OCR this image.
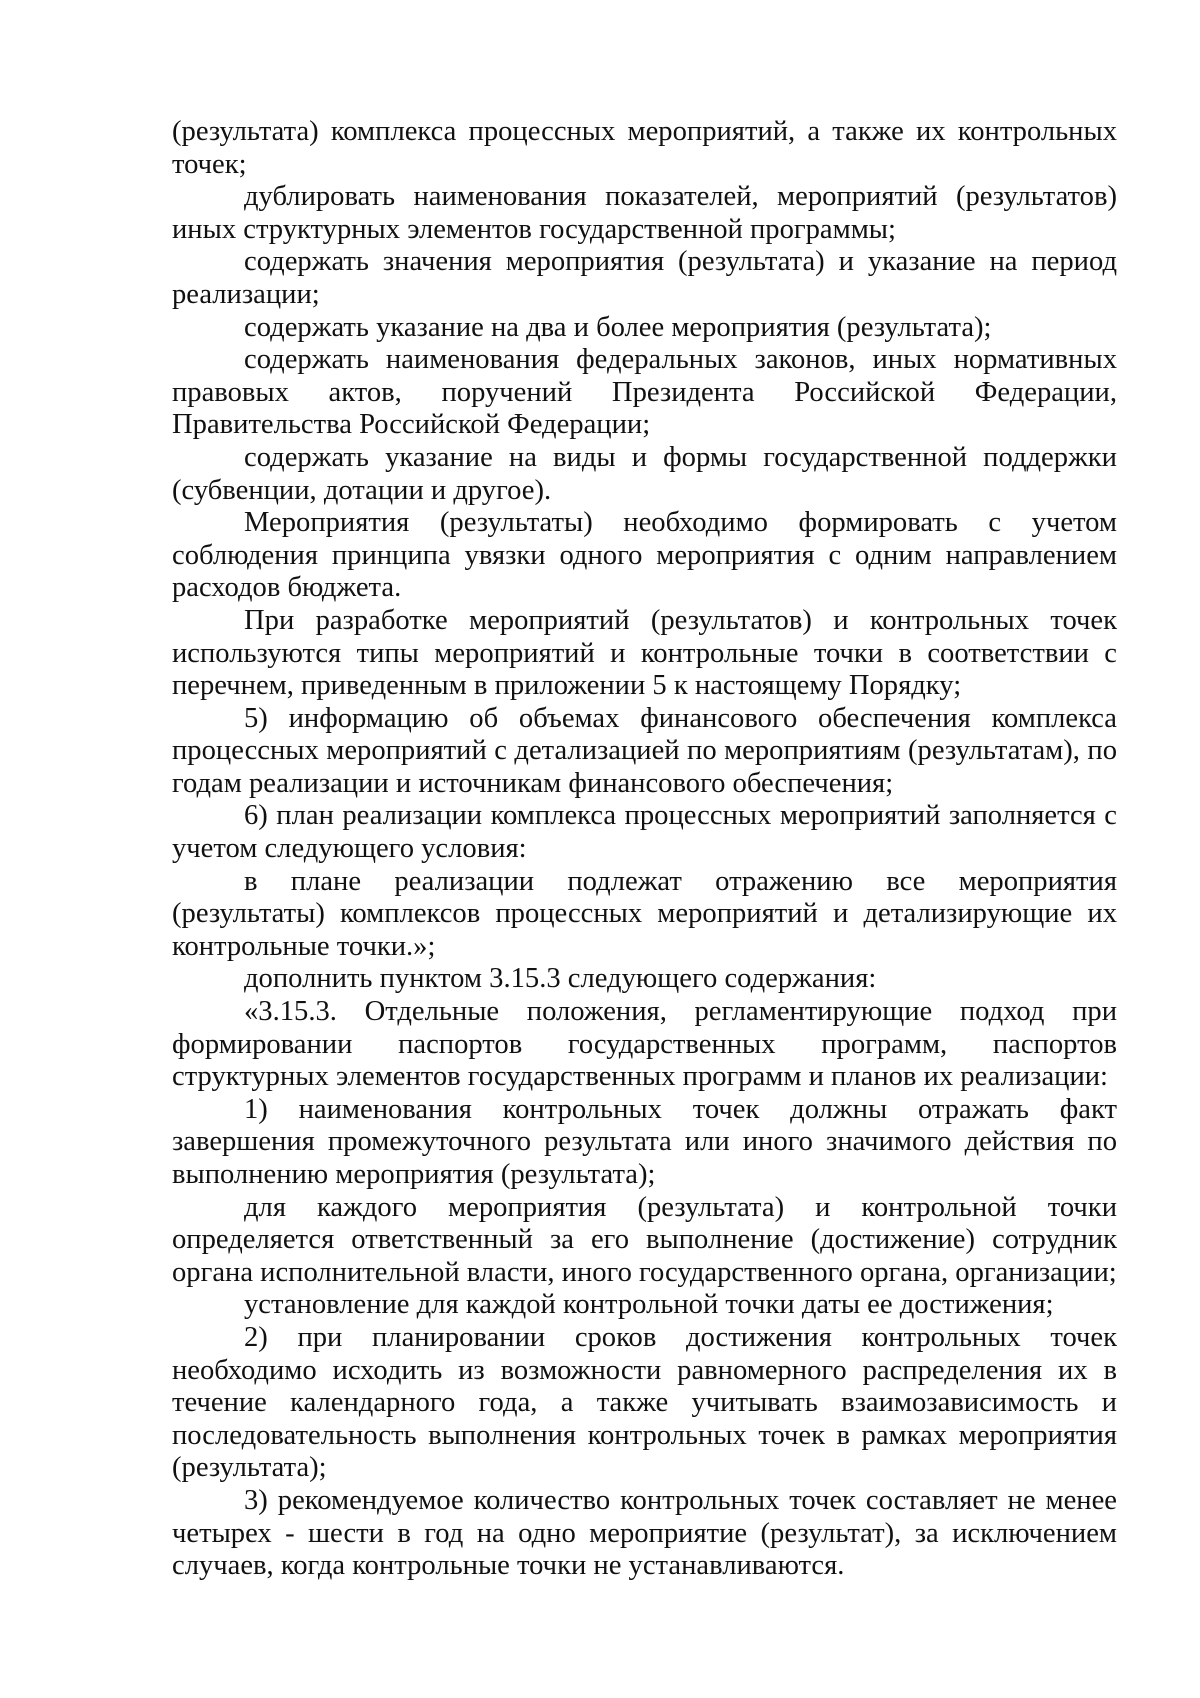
(результата) комплекса процессных мероприятий, а также их контрольных точек;

дублировать наименования показателей, мероприятий (результатов) иных структурных элементов государственной программы;

содержать значения мероприятия (результата) и указание на период реализации;

содержать указание на два и более мероприятия (результата);

содержать наименования федеральных законов, иных нормативных правовых актов, поручений Президента Российской Федерации, Правительства Российской Федерации;

содержать указание на виды и формы государственной поддержки (субвенции, дотации и другое).

Мероприятия (результаты) необходимо формировать с учетом соблюдения принципа увязки одного мероприятия с одним направлением расходов бюджета.

При разработке мероприятий (результатов) и контрольных точек используются типы мероприятий и контрольные точки в соответствии с перечнем, приведенным в приложении 5 к настоящему Порядку;

5) информацию об объемах финансового обеспечения комплекса процессных мероприятий с детализацией по мероприятиям (результатам), по годам реализации и источникам финансового обеспечения;

6) план реализации комплекса процессных мероприятий заполняется с учетом следующего условия:

в плане реализации подлежат отражению все мероприятия (результаты) комплексов процессных мероприятий и детализирующие их контрольные точки.»;

дополнить пунктом 3.15.3 следующего содержания:

«3.15.3. Отдельные положения, регламентирующие подход при формировании паспортов государственных программ, паспортов структурных элементов государственных программ и планов их реализации:

1) наименования контрольных точек должны отражать факт завершения промежуточного результата или иного значимого действия по выполнению мероприятия (результата);

для каждого мероприятия (результата) и контрольной точки определяется ответственный за его выполнение (достижение) сотрудник органа исполнительной власти, иного государственного органа, организации;

установление для каждой контрольной точки даты ее достижения;

2) при планировании сроков достижения контрольных точек необходимо исходить из возможности равномерного распределения их в течение календарного года, а также учитывать взаимозависимость и последовательность выполнения контрольных точек в рамках мероприятия (результата);

3) рекомендуемое количество контрольных точек составляет не менее четырех - шести в год на одно мероприятие (результат), за исключением случаев, когда контрольные точки не устанавливаются.
